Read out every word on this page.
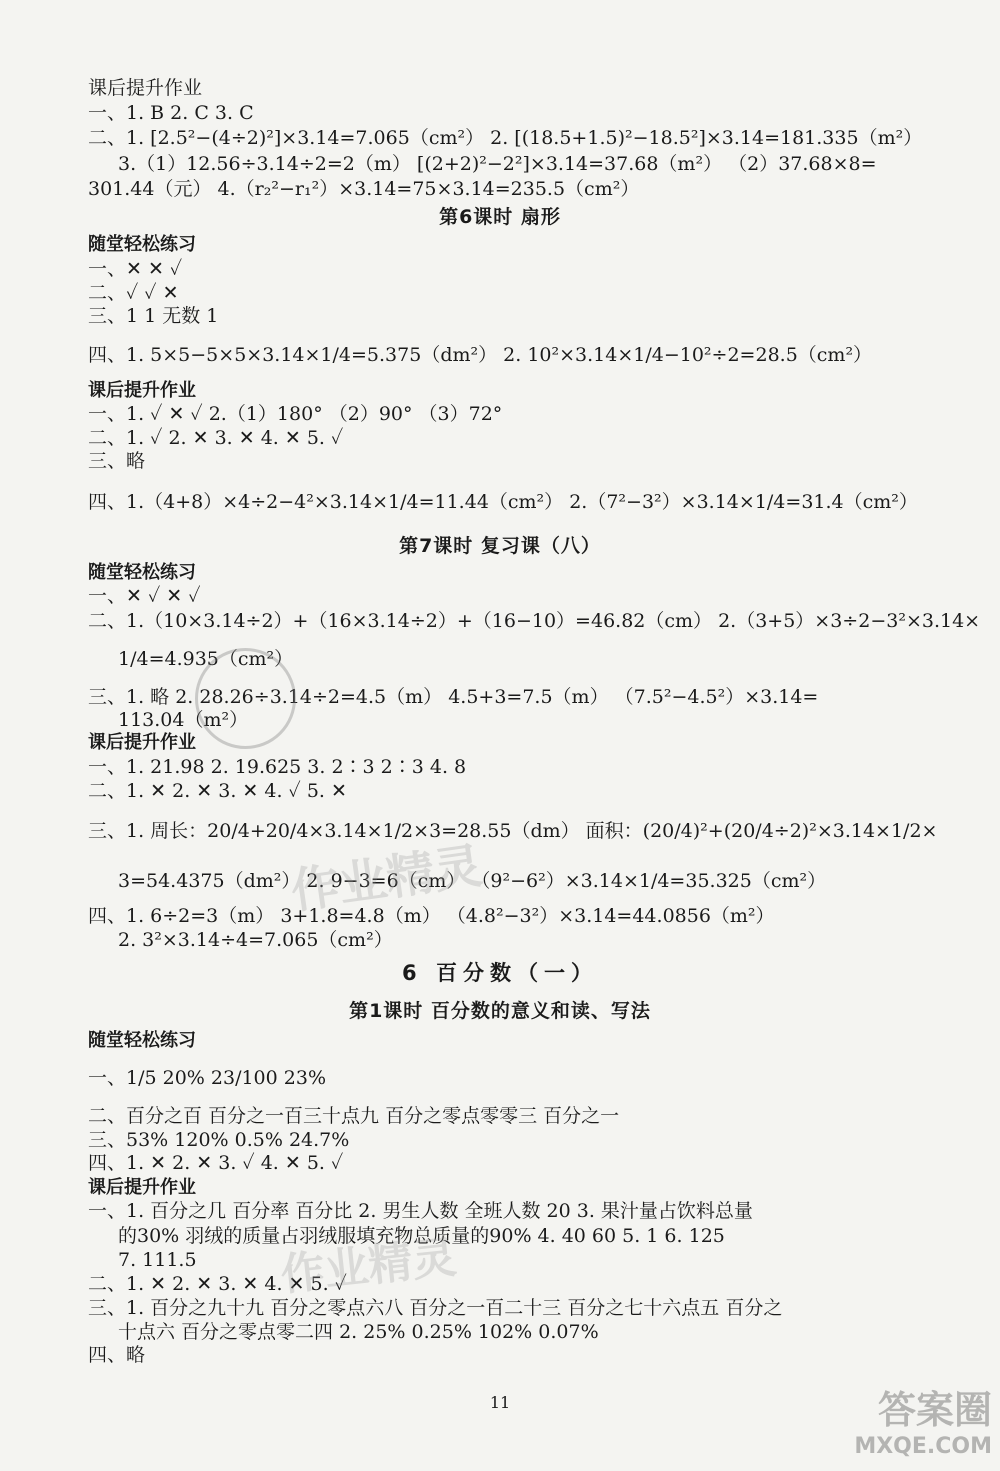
课后提升作业
一、1. B 2. C 3. C
二、1. [2.5²−(4÷2)²]×3.14=7.065（cm²） 2. [(18.5+1.5)²−18.5²]×3.14=181.335（m²）
3.（1）12.56÷3.14÷2=2（m） [(2+2)²−2²]×3.14=37.68（m²） （2）37.68×8=
301.44（元） 4.（r₂²−r₁²）×3.14=75×3.14=235.5（cm²）
第6课时 扇形
随堂轻松练习
一、✕ ✕ ✓
二、✓ ✓ ✕
三、1 1 无数 1
四、1. 5×5−5×5×3.14×1/4=5.375（dm²） 2. 10²×3.14×1/4−10²÷2=28.5（cm²）
课后提升作业
一、1. ✓ ✕ ✓ 2.（1）180° （2）90° （3）72°
二、1. ✓ 2. ✕ 3. ✕ 4. ✕ 5. ✓
三、略
四、1.（4+8）×4÷2−4²×3.14×1/4=11.44（cm²） 2.（7²−3²）×3.14×1/4=31.4（cm²）
第7课时 复习课（八）
随堂轻松练习
一、✕ ✓ ✕ ✓
二、1.（10×3.14÷2）+（16×3.14÷2）+（16−10）=46.82（cm） 2.（3+5）×3÷2−3²×3.14×
1/4=4.935（cm²）
三、1. 略 2. 28.26÷3.14÷2=4.5（m） 4.5+3=7.5（m） （7.5²−4.5²）×3.14=
113.04（m²）
课后提升作业
一、1. 21.98 2. 19.625 3. 2∶3 2∶3 4. 8
二、1. ✕ 2. ✕ 3. ✕ 4. ✓ 5. ✕
三、1. 周长：20/4+20/4×3.14×1/2×3=28.55（dm） 面积：(20/4)²+(20/4÷2)²×3.14×1/2×
3=54.4375（dm²） 2. 9−3=6（cm） （9²−6²）×3.14×1/4=35.325（cm²）
四、1. 6÷2=3（m） 3+1.8=4.8（m） （4.8²−3²）×3.14=44.0856（m²）
2. 3²×3.14÷4=7.065（cm²）
6 百分数（一）
第1课时 百分数的意义和读、写法
随堂轻松练习
一、1/5 20% 23/100 23%
二、百分之百 百分之一百三十点九 百分之零点零零三 百分之一
三、53% 120% 0.5% 24.7%
四、1. ✕ 2. ✕ 3. ✓ 4. ✕ 5. ✓
课后提升作业
一、1. 百分之几 百分率 百分比 2. 男生人数 全班人数 20 3. 果汁量占饮料总量
的30% 羽绒的质量占羽绒服填充物总质量的90% 4. 40 60 5. 1 6. 125
7. 111.5
二、1. ✕ 2. ✕ 3. ✕ 4. ✕ 5. ✓
三、1. 百分之九十九 百分之零点六八 百分之一百二十三 百分之七十六点五 百分之
十点六 百分之零点零二四 2. 25% 0.25% 102% 0.07%
四、略
11
作业精灵
作业精灵
答案圈
MXQE.COM
